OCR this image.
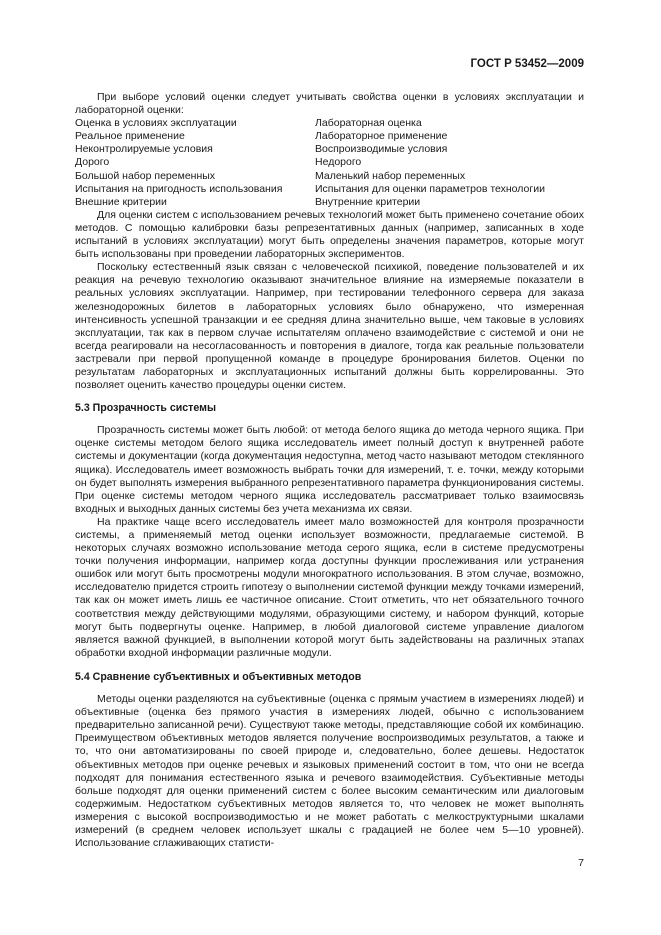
ГОСТ Р 53452—2009

При выборе условий оценки следует учитывать свойства оценки в условиях эксплуатации и лабораторной оценки:

Оценка в условиях эксплуатации	Лабораторная оценка
Реальное применение	Лабораторное применение
Неконтролируемые условия	Воспроизводимые условия
Дорого	Недорого
Большой набор переменных	Маленький набор переменных
Испытания на пригодность использования	Испытания для оценки параметров технологии
Внешние критерии	Внутренние критерии

Для оценки систем с использованием речевых технологий может быть применено сочетание обоих методов. С помощью калибровки базы репрезентативных данных (например, записанных в ходе испытаний в условиях эксплуатации) могут быть определены значения параметров, которые могут быть использованы при проведении лабораторных экспериментов.

Поскольку естественный язык связан с человеческой психикой, поведение пользователей и их реакция на речевую технологию оказывают значительное влияние на измеряемые показатели в реальных условиях эксплуатации. Например, при тестировании телефонного сервера для заказа железнодорожных билетов в лабораторных условиях было обнаружено, что измеренная интенсивность успешной транзакции и ее средняя длина значительно выше, чем таковые в условиях эксплуатации, так как в первом случае испытателям оплачено взаимодействие с системой и они не всегда реагировали на несогласованность и повторения в диалоге, тогда как реальные пользователи застревали при первой пропущенной команде в процедуре бронирования билетов. Оценки по результатам лабораторных и эксплуатационных испытаний должны быть коррелированны. Это позволяет оценить качество процедуры оценки систем.

5.3 Прозрачность системы

Прозрачность системы может быть любой: от метода белого ящика до метода черного ящика. При оценке системы методом белого ящика исследователь имеет полный доступ к внутренней работе системы и документации (когда документация недоступна, метод часто называют методом стеклянного ящика). Исследователь имеет возможность выбрать точки для измерений, т. е. точки, между которыми он будет выполнять измерения выбранного репрезентативного параметра функционирования системы. При оценке системы методом черного ящика исследователь рассматривает только взаимосвязь входных и выходных данных системы без учета механизма их связи.

На практике чаще всего исследователь имеет мало возможностей для контроля прозрачности системы, а применяемый метод оценки использует возможности, предлагаемые системой. В некоторых случаях возможно использование метода серого ящика, если в системе предусмотрены точки получения информации, например когда доступны функции прослеживания или устранения ошибок или могут быть просмотрены модули многократного использования. В этом случае, возможно, исследователю придется строить гипотезу о выполнении системой функции между точками измерений, так как он может иметь лишь ее частичное описание. Стоит отметить, что нет обязательного точного соответствия между действующими модулями, образующими систему, и набором функций, которые могут быть подвергнуты оценке. Например, в любой диалоговой системе управление диалогом является важной функцией, в выполнении которой могут быть задействованы на различных этапах обработки входной информации различные модули.

5.4 Сравнение субъективных и объективных методов

Методы оценки разделяются на субъективные (оценка с прямым участием в измерениях людей) и объективные (оценка без прямого участия в измерениях людей, обычно с использованием предварительно записанной речи). Существуют также методы, представляющие собой их комбинацию. Преимуществом объективных методов является получение воспроизводимых результатов, а также и то, что они автоматизированы по своей природе и, следовательно, более дешевы. Недостаток объективных методов при оценке речевых и языковых применений состоит в том, что они не всегда подходят для понимания естественного языка и речевого взаимодействия. Субъективные методы больше подходят для оценки применений систем с более высоким семантическим или диалоговым содержимым. Недостатком субъективных методов является то, что человек не может выполнять измерения с высокой воспроизводимостью и не может работать с мелкоструктурными шкалами измерений (в среднем человек использует шкалы с градацией не более чем 5—10 уровней). Использование сглаживающих статисти-

7
